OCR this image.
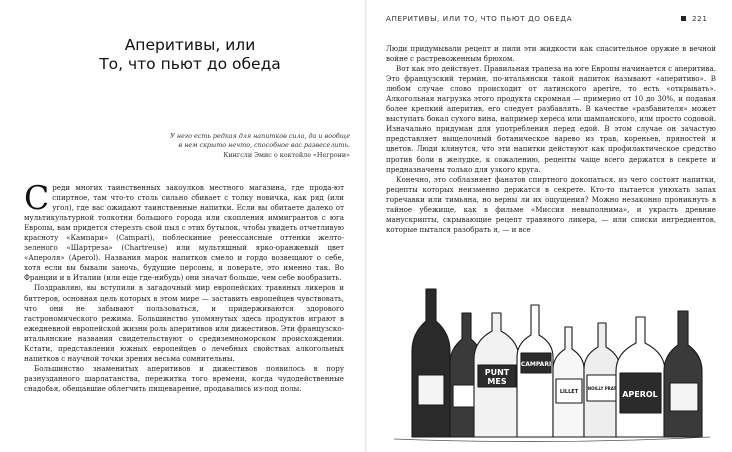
АПЕРИТИВЫ, ИЛИ ТО, ЧТО ПЬЮТ ДО ОБЕДА	221
Аперитивы, или
То, что пьют до обеда
У него есть редкая для напитков сила, да и вообще
в нем скрыто нечто, способное вас развеселить.
Кингсли Эмис о коктейле «Негрони»

Среди многих таинственных закоулков местного магазина, где прода-ют спиртное, там что-то столь сильно сбивает с толку новичка, как ряд (или угол), где вас ожидают таинственные напитки. Если вы обитаете далеко от мультикультурной толкотни большого города или скопления иммигрантов с юга Европы, вам придется стерезть свой пыл с этих бутылок, чтобы увидеть отчетливую краснoту «Кампари» (Campari), поблескиние ренессансные оттенки желто-зеленого «Шартреза» (Chartreuse) или мультяшный ярко-оранжевый цвет «Апероля» (Aperol). Названия марок напитков смело и гордо возвещают о себе, хотя если вы бывали заночь, будущие персоны, и поверьте, это именно так. Во Франции и в Италии (или еще где-нибудь) они значат больше, чем себе вообразить.

Поздравляю, вы вступили в загадочный мир европейских травяных ликеров и биттеров, основная цель которых в этом мире — заставить европейцев чувствовать, что они не забывают пользоваться, и придерживаются здорового гастрономического режима. Большинство упомянутых здесь продуктов играют в ежедневной европейской жизни роль аперитивов или дижестивов. Эти французско-итальянские названия свидетельствуют о средиземноморском происхождении. Кстати, представления южных европейцев о лечебных свойствах алкогольных напитков с научной точки зрения весьма сомнительны.

Большинство знаменитых аперитивов и дижестивов появилось в пору разнузданного шарлатанства, пережитка того времени, когда чудодейственные снадобья, обещавшие облегчить пищеварение, продавались из-под полы.

Люди придумывали рецепт и пили эти жидкости как спасительное оружие в вечной войне с растревоженным брюхом.

Вот как это действует. Правильная трапеза на юге Европы начинается с аперитива. Это французский термин, по-итальянски такой напиток называют «аперитиво». В любом случае слово происходит от латинского aperire, то есть «открывать». Алкогольная нагрузка этого продукта скромная — примерно от 10 до 30%, и подавая более крепкий аперитив, его следует разбавлять. В качестве «разбавителя» может выступать бокал сухого вина, например хереса или шампанского, или просто содовой. Изначально придуман для употребления перед едой. В этом случае он зачастую представляет выщелочный ботаническое варево из трав, кореньев, пряностей и цветов. Люди клянутся, что эти напитки действуют как профилактическое средство против боли в желудке, к сожалению, рецепты чаще всего держатся в секрете и предназначены только для узкого круга.

Конечно, это соблазняет фанатов спиртного докопаться, из чего состоят напитки, рецепты которых неизменно держатся в секрете. Кто-то пытается унюхать запах горечавки или тимьяна, но верны ли их ощущения? Можно незаконно проникнуть в тайное убежище, как в фильме «Миссия невыполнима», и украсть древние манускрипты, скрывающие рецепт травяного ликера, — или списки ингредиентов, которые пытался разобрать я, — и все

PUNT
MES
CAMPARI
LILLET
NOILLY PRAT
APEROL
